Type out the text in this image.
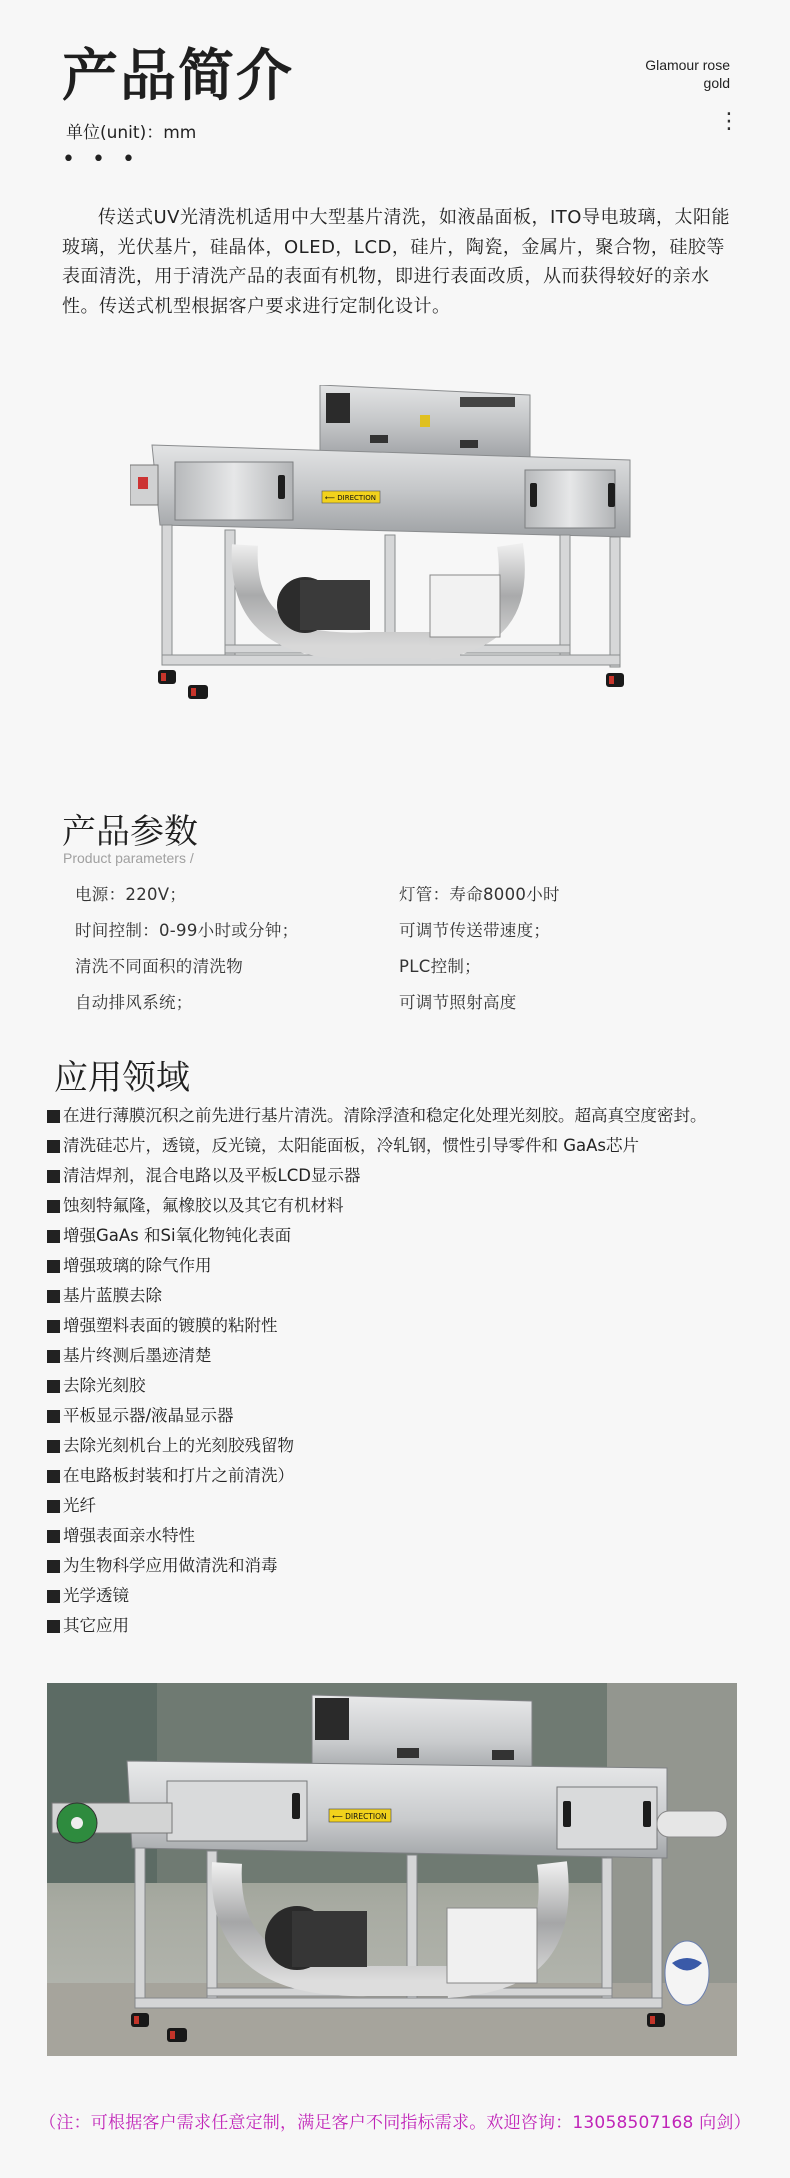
产品简介	Glamour rose
gold
单位(unit)：mm
• • •
⋮

传送式UV光清洗机适用中大型基片清洗，如液晶面板，ITO导电玻璃，太阳能玻璃，光伏基片，硅晶体，OLED，LCD，硅片，陶瓷，金属片，聚合物，硅胶等表面清洗，用于清洗产品的表面有机物，即进行表面改质，从而获得较好的亲水性。传送式机型根据客户要求进行定制化设计。

⟵ DIRECTION
产品参数
Product parameters /
电源：220V；	灯管：寿命8000小时
时间控制：0-99小时或分钟；	可调节传送带速度；
清洗不同面积的清洗物	PLC控制；
自动排风系统；	可调节照射高度
应用领域
在进行薄膜沉积之前先进行基片清洗。清除浮渣和稳定化处理光刻胶。超高真空度密封。
清洗硅芯片，透镜，反光镜，太阳能面板，冷轧钢，惯性引导零件和 GaAs芯片
清洁焊剂，混合电路以及平板LCD显示器
蚀刻特氟隆，氟橡胶以及其它有机材料
增强GaAs 和Si氧化物钝化表面
增强玻璃的除气作用
基片蓝膜去除
增强塑料表面的镀膜的粘附性
基片终测后墨迹清楚
去除光刻胶
平板显示器/液晶显示器
去除光刻机台上的光刻胶残留物
在电路板封装和打片之前清洗）
光纤
增强表面亲水特性
为生物科学应用做清洗和消毒
光学透镜
其它应用
⟵ DIRECTION
（注：可根据客户需求任意定制，满足客户不同指标需求。欢迎咨询：13058507168 向剑）
